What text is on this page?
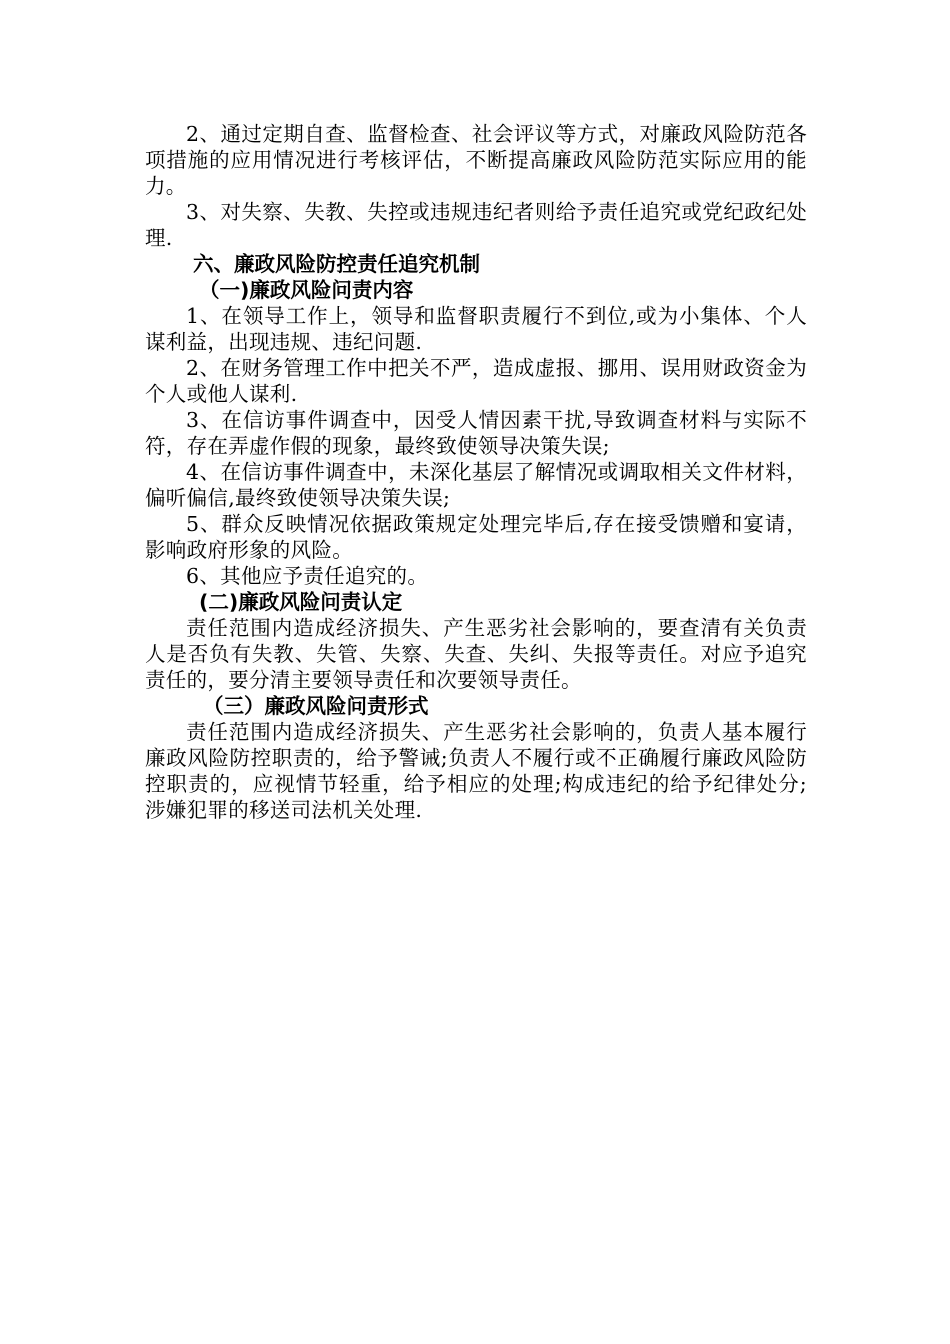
2、通过定期自查、监督检查、社会评议等方式，对廉政风险防范各项措施的应用情况进行考核评估，不断提高廉政风险防范实际应用的能力。

3、对失察、失教、失控或违规违纪者则给予责任追究或党纪政纪处理.

六、廉政风险防控责任追究机制

（一)廉政风险问责内容

1、在领导工作上，领导和监督职责履行不到位,或为小集体、个人谋利益，出现违规、违纪问题.

2、在财务管理工作中把关不严，造成虚报、挪用、误用财政资金为个人或他人谋利.

3、在信访事件调查中，因受人情因素干扰,导致调查材料与实际不符，存在弄虚作假的现象，最终致使领导决策失误;

4、在信访事件调查中，未深化基层了解情况或调取相关文件材料，偏听偏信,最终致使领导决策失误;

5、群众反映情况依据政策规定处理完毕后,存在接受馈赠和宴请，影响政府形象的风险。

6、其他应予责任追究的。

(二)廉政风险问责认定

责任范围内造成经济损失、产生恶劣社会影响的，要查清有关负责人是否负有失教、失管、失察、失查、失纠、失报等责任。对应予追究责任的，要分清主要领导责任和次要领导责任。

（三）廉政风险问责形式

责任范围内造成经济损失、产生恶劣社会影响的，负责人基本履行廉政风险防控职责的，给予警诫;负责人不履行或不正确履行廉政风险防控职责的，应视情节轻重，给予相应的处理;构成违纪的给予纪律处分; 涉嫌犯罪的移送司法机关处理.
